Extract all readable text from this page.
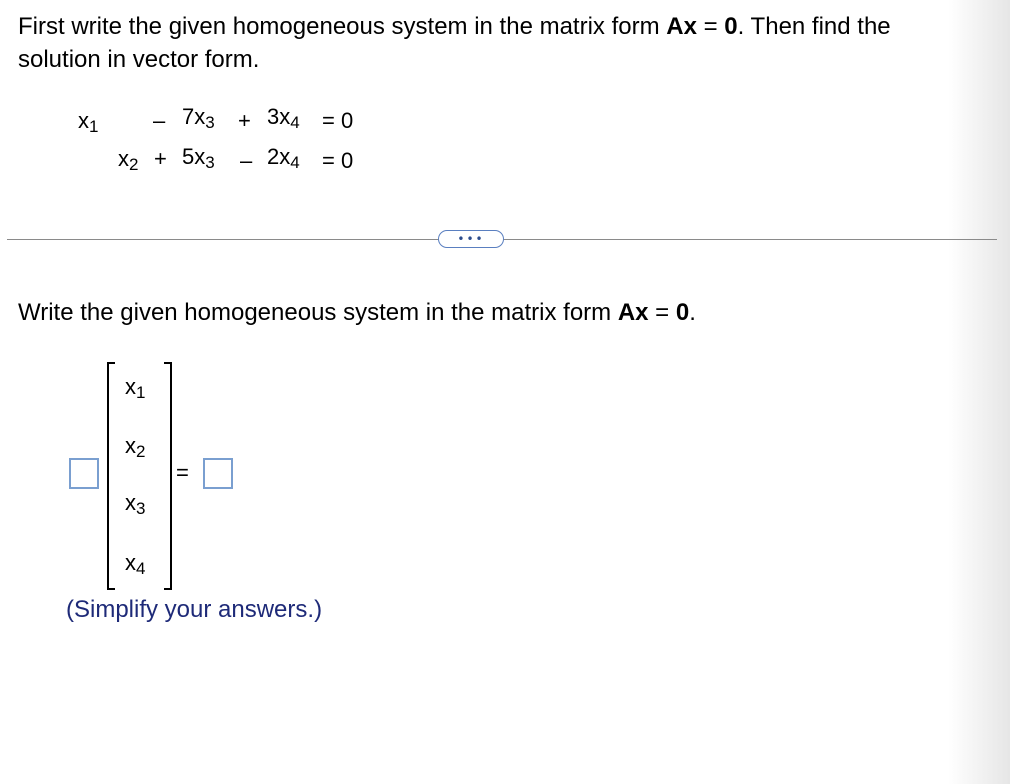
First write the given homogeneous system in the matrix form Ax = 0. Then find the solution in vector form.
$x_1 - 7x_3 + 3x_4 = 0$
$x_2 + 5x_3 - 2x_4 = 0$
•••
Write the given homogeneous system in the matrix form Ax = 0.
$x_1$
$x_2$
$x_3$
$x_4$
=
(Simplify your answers.)
